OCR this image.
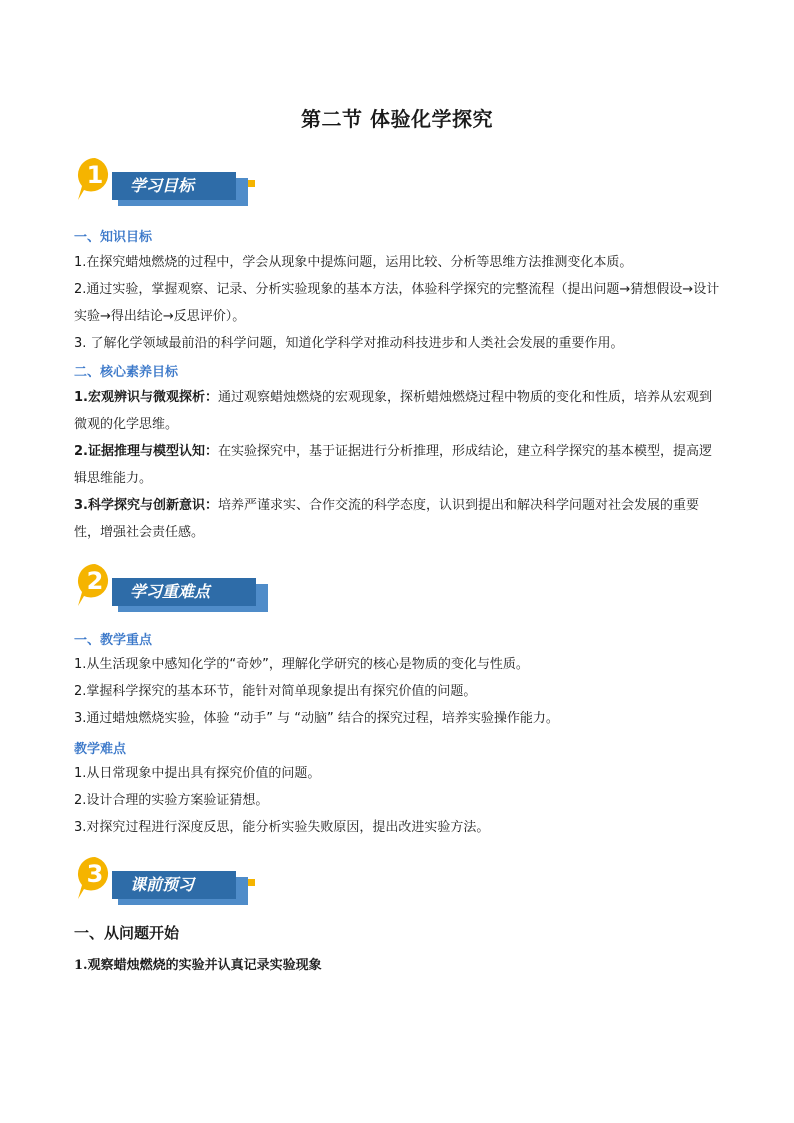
第二节 体验化学探究
学习目标
1
一、知识目标
1.在探究蜡烛燃烧的过程中，学会从现象中提炼问题，运用比较、分析等思维方法推测变化本质。
2.通过实验，掌握观察、记录、分析实验现象的基本方法，体验科学探究的完整流程（提出问题→猜想假设→设计实验→得出结论→反思评价）。
3. 了解化学领域最前沿的科学问题，知道化学科学对推动科技进步和人类社会发展的重要作用。
二、核心素养目标
1.宏观辨识与微观探析：通过观察蜡烛燃烧的宏观现象，探析蜡烛燃烧过程中物质的变化和性质，培养从宏观到微观的化学思维。
2.证据推理与模型认知：在实验探究中，基于证据进行分析推理，形成结论，建立科学探究的基本模型，提高逻辑思维能力。
3.科学探究与创新意识：培养严谨求实、合作交流的科学态度，认识到提出和解决科学问题对社会发展的重要性，增强社会责任感。
学习重难点
2
一、教学重点
1.从生活现象中感知化学的“奇妙”，理解化学研究的核心是物质的变化与性质。
2.掌握科学探究的基本环节，能针对简单现象提出有探究价值的问题。
3.通过蜡烛燃烧实验，体验 “动手” 与 “动脑” 结合的探究过程，培养实验操作能力。
教学难点
1.从日常现象中提出具有探究价值的问题。
2.设计合理的实验方案验证猜想。
3.对探究过程进行深度反思，能分析实验失败原因，提出改进实验方法。
课前预习
3
一、从问题开始
1.观察蜡烛燃烧的实验并认真记录实验现象
